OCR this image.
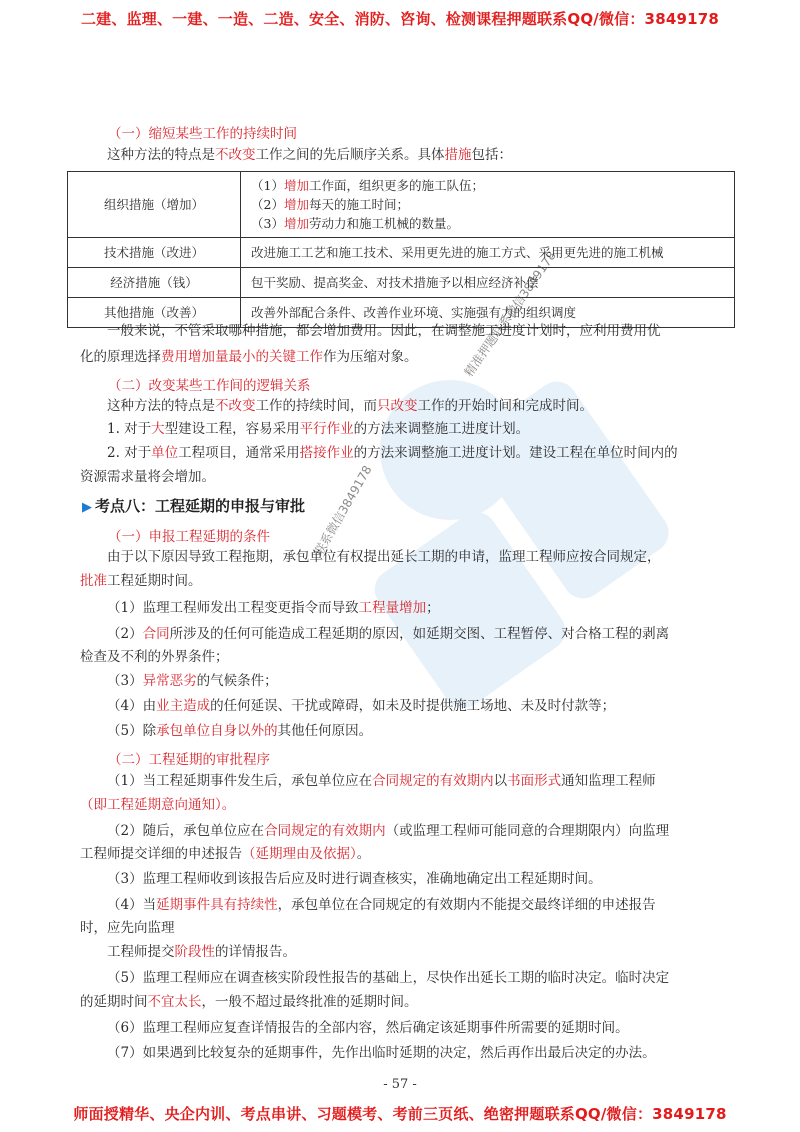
二建、监理、一建、一造、二造、安全、消防、咨询、检测课程押题联系QQ/微信：3849178
精准押题联系微信3849178
联系微信3849178
（一）缩短某些工作的持续时间
这种方法的特点是不改变工作之间的先后顺序关系。具体措施包括：
组织措施（增加）	（1）增加工作面，组织更多的施工队伍；
（2）增加每天的施工时间；
（3）增加劳动力和施工机械的数量。

技术措施（改进）	改进施工工艺和施工技术、采用更先进的施工方式、采用更先进的施工机械
经济措施（钱）	包干奖励、提高奖金、对技术措施予以相应经济补偿
其他措施（改善）	改善外部配合条件、改善作业环境、实施强有力的组织调度
一般来说，不管采取哪种措施，都会增加费用。因此，在调整施工进度计划时，应利用费用优
化的原理选择费用增加量最小的关键工作作为压缩对象。
（二）改变某些工作间的逻辑关系
这种方法的特点是不改变工作的持续时间，而只改变工作的开始时间和完成时间。
1. 对于大型建设工程，容易采用平行作业的方法来调整施工进度计划。
2. 对于单位工程项目，通常采用搭接作业的方法来调整施工进度计划。建设工程在单位时间内的
资源需求量将会增加。
▶ 考点八：工程延期的申报与审批
（一）申报工程延期的条件
由于以下原因导致工程拖期，承包单位有权提出延长工期的申请，监理工程师应按合同规定，
批准工程延期时间。
（1）监理工程师发出工程变更指令而导致工程量增加；
（2）合同所涉及的任何可能造成工程延期的原因，如延期交图、工程暂停、对合格工程的剥离
检查及不利的外界条件；
（3）异常恶劣的气候条件；
（4）由业主造成的任何延误、干扰或障碍，如未及时提供施工场地、未及时付款等；
（5）除承包单位自身以外的其他任何原因。
（二）工程延期的审批程序
（1）当工程延期事件发生后，承包单位应在合同规定的有效期内以书面形式通知监理工程师
（即工程延期意向通知）。
（2）随后，承包单位应在合同规定的有效期内（或监理工程师可能同意的合理期限内）向监理
工程师提交详细的申述报告（延期理由及依据）。
（3）监理工程师收到该报告后应及时进行调查核实，准确地确定出工程延期时间。
（4）当延期事件具有持续性，承包单位在合同规定的有效期内不能提交最终详细的申述报告
时，应先向监理
工程师提交阶段性的详情报告。
（5）监理工程师应在调查核实阶段性报告的基础上，尽快作出延长工期的临时决定。临时决定
的延期时间不宜太长，一般不超过最终批准的延期时间。
（6）监理工程师应复查详情报告的全部内容，然后确定该延期事件所需要的延期时间。
（7）如果遇到比较复杂的延期事件，先作出临时延期的决定，然后再作出最后决定的办法。
- 57 -
师面授精华、央企内训、考点串讲、习题模考、考前三页纸、绝密押题联系QQ/微信：3849178
